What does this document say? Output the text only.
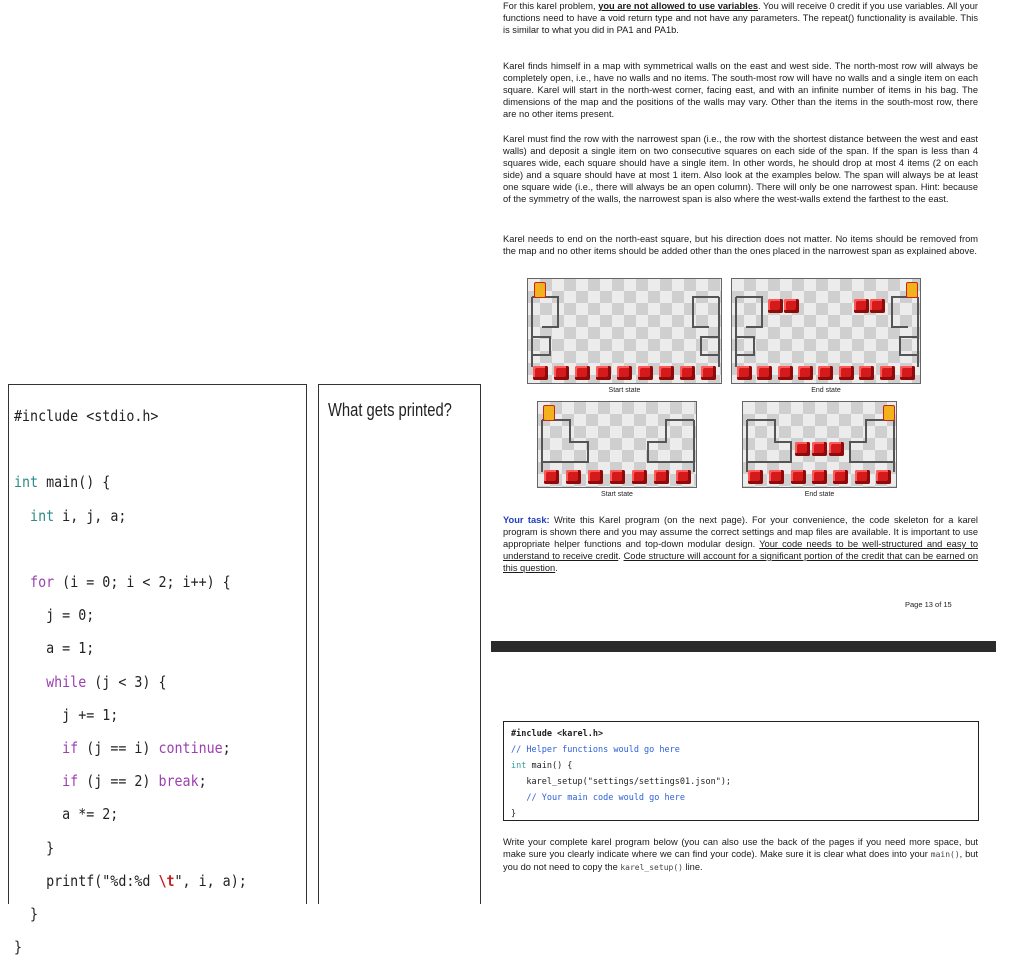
#include <stdio.h>

int main() {
int i, j, a;

for (i = 0; i < 2; i++) {
j = 0;
a = 1;
while (j < 3) {
j += 1;
if (j == i) continue;
if (j == 2) break;
a *= 2;
}
printf("%d:%d \t", i, a);
}
}
What gets printed?
For this karel problem, you are not allowed to use variables. You will receive 0 credit if you use variables. All your functions need to have a void return type and not have any parameters. The repeat() functionality is available. This is similar to what you did in PA1 and PA1b.
Karel finds himself in a map with symmetrical walls on the east and west side. The north-most row will always be completely open, i.e., have no walls and no items. The south-most row will have no walls and a single item on each square. Karel will start in the north-west corner, facing east, and with an infinite number of items in his bag. The dimensions of the map and the positions of the walls may vary. Other than the items in the south-most row, there are no other items present.
Karel must find the row with the narrowest span (i.e., the row with the shortest distance between the west and east walls) and deposit a single item on two consecutive squares on each side of the span. If the span is less than 4 squares wide, each square should have a single item. In other words, he should drop at most 4 items (2 on each side) and a square should have at most 1 item. Also look at the examples below. The span will always be at least one square wide (i.e., there will always be an open column). There will only be one narrowest span. Hint: because of the symmetry of the walls, the narrowest span is also where the west-walls extend the farthest to the east.
Karel needs to end on the north-east square, but his direction does not matter. No items should be removed from the map and no other items should be added other than the ones placed in the narrowest span as explained above.
Start state	End state
Start state	End state
Your task: Write this Karel program (on the next page). For your convenience, the code skeleton for a karel program is shown there and you may assume the correct settings and map files are available. It is important to use appropriate helper functions and top-down modular design. Your code needs to be well-structured and easy to understand to receive credit. Code structure will account for a significant portion of the credit that can be earned on this question.
Page 13 of 15
#include <karel.h>
// Helper functions would go here
int main() {
karel_setup("settings/settings01.json");
// Your main code would go here
}
Write your complete karel program below (you can also use the back of the pages if you need more space, but make sure you clearly indicate where we can find your code). Make sure it is clear what does into your main(), but you do not need to copy the karel_setup() line.
